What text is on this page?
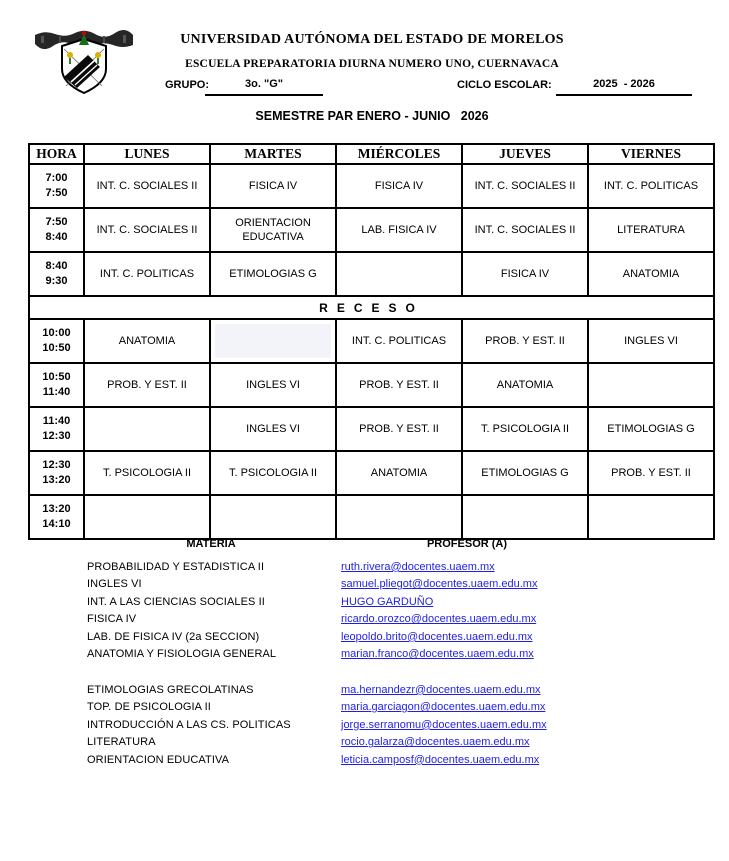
UNIVERSIDAD AUTÓNOMA DEL ESTADO DE MORELOS
ESCUELA PREPARATORIA DIURNA NUMERO UNO, CUERNAVACA
GRUPO:	3o. "G"	CICLO ESCOLAR:	2025  - 2026
SEMESTRE PAR ENERO - JUNIO   2026
HORA	LUNES	MARTES	MIÉRCOLES	JUEVES	VIERNES

7:00
7:50	INT. C. SOCIALES II	FISICA IV	FISICA IV	INT. C. SOCIALES II	INT. C. POLITICAS

7:50
8:40	INT. C. SOCIALES II	ORIENTACION EDUCATIVA	LAB. FISICA IV	INT. C. SOCIALES II	LITERATURA

8:40
9:30	INT. C. POLITICAS	ETIMOLOGIAS G		FISICA IV	ANATOMIA
RECESO					

10:00
10:50	ANATOMIA		INT. C. POLITICAS	PROB. Y EST. II	INGLES VI

10:50
11:40	PROB. Y EST. II	INGLES VI	PROB. Y EST. II	ANATOMIA	

11:40
12:30		INGLES VI	PROB. Y EST. II	T. PSICOLOGIA II	ETIMOLOGIAS G

12:30
13:20	T. PSICOLOGIA II	T. PSICOLOGIA II	ANATOMIA	ETIMOLOGIAS G	PROB. Y EST. II

13:20
14:10					

MATERIA	PROFESOR (A)
PROBABILIDAD Y ESTADISTICA II	ruth.rivera@docentes.uaem.mx
INGLES VI	samuel.pliegot@docentes.uaem.edu.mx
INT. A LAS CIENCIAS SOCIALES II	HUGO GARDUÑO
FISICA IV	ricardo.orozco@docentes.uaem.edu.mx
LAB. DE FISICA IV (2a SECCION)	leopoldo.brito@docentes.uaem.edu.mx
ANATOMIA Y FISIOLOGIA GENERAL	marian.franco@docentes.uaem.edu.mx
ETIMOLOGIAS GRECOLATINAS	ma.hernandezr@docentes.uaem.edu.mx
TOP. DE PSICOLOGIA II	maria.garciagon@docentes.uaem.edu.mx
INTRODUCCIÓN A LAS CS. POLITICAS	jorge.serranomu@docentes.uaem.edu.mx
LITERATURA	rocio.galarza@docentes.uaem.edu.mx
ORIENTACION EDUCATIVA	leticia.camposf@docentes.uaem.edu.mx
